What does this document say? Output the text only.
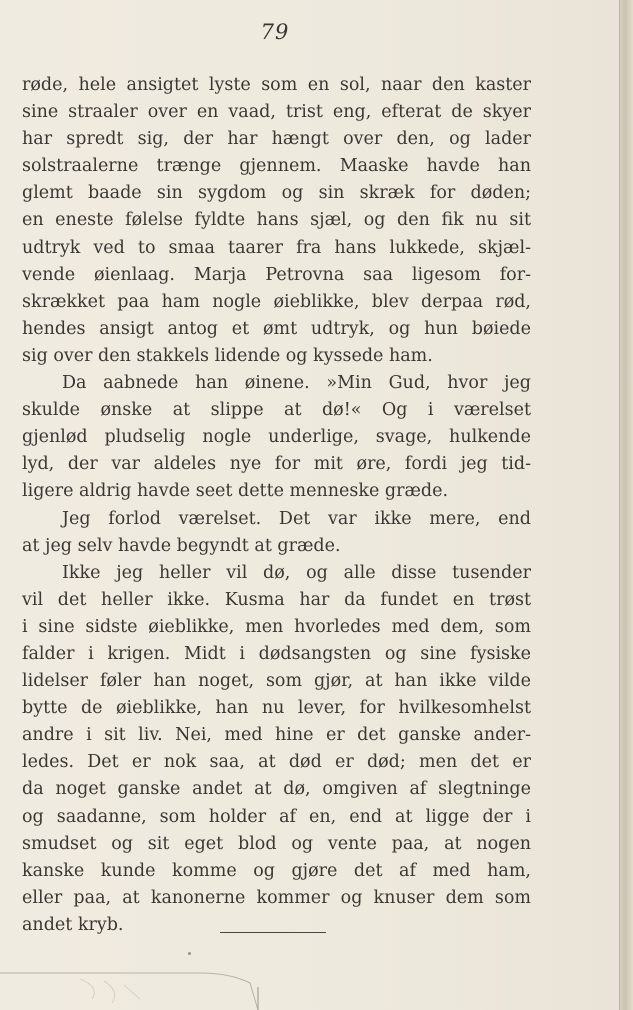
79
røde, hele ansigtet lyste som en sol, naar den kaster
sine straaler over en vaad, trist eng, efterat de skyer
har spredt sig, der har hængt over den, og lader
solstraalerne trænge gjennem. Maaske havde han
glemt baade sin sygdom og sin skræk for døden;
en eneste følelse fyldte hans sjæl, og den fik nu sit
udtryk ved to smaa taarer fra hans lukkede, skjæl-
vende øienlaag. Marja Petrovna saa ligesom for-
skrækket paa ham nogle øieblikke, blev derpaa rød,
hendes ansigt antog et ømt udtryk, og hun bøiede
sig over den stakkels lidende og kyssede ham.
Da aabnede han øinene. »Min Gud, hvor jeg
skulde ønske at slippe at dø!« Og i værelset
gjenlød pludselig nogle underlige, svage, hulkende
lyd, der var aldeles nye for mit øre, fordi jeg tid-
ligere aldrig havde seet dette menneske græde.
Jeg forlod værelset. Det var ikke mere, end
at jeg selv havde begyndt at græde.
Ikke jeg heller vil dø, og alle disse tusender
vil det heller ikke. Kusma har da fundet en trøst
i sine sidste øieblikke, men hvorledes med dem, som
falder i krigen. Midt i dødsangsten og sine fysiske
lidelser føler han noget, som gjør, at han ikke vilde
bytte de øieblikke, han nu lever, for hvilkesomhelst
andre i sit liv. Nei, med hine er det ganske ander-
ledes. Det er nok saa, at død er død; men det er
da noget ganske andet at dø, omgiven af slegtninge
og saadanne, som holder af en, end at ligge der i
smudset og sit eget blod og vente paa, at nogen
kanske kunde komme og gjøre det af med ham,
eller paa, at kanonerne kommer og knuser dem som
andet kryb.
